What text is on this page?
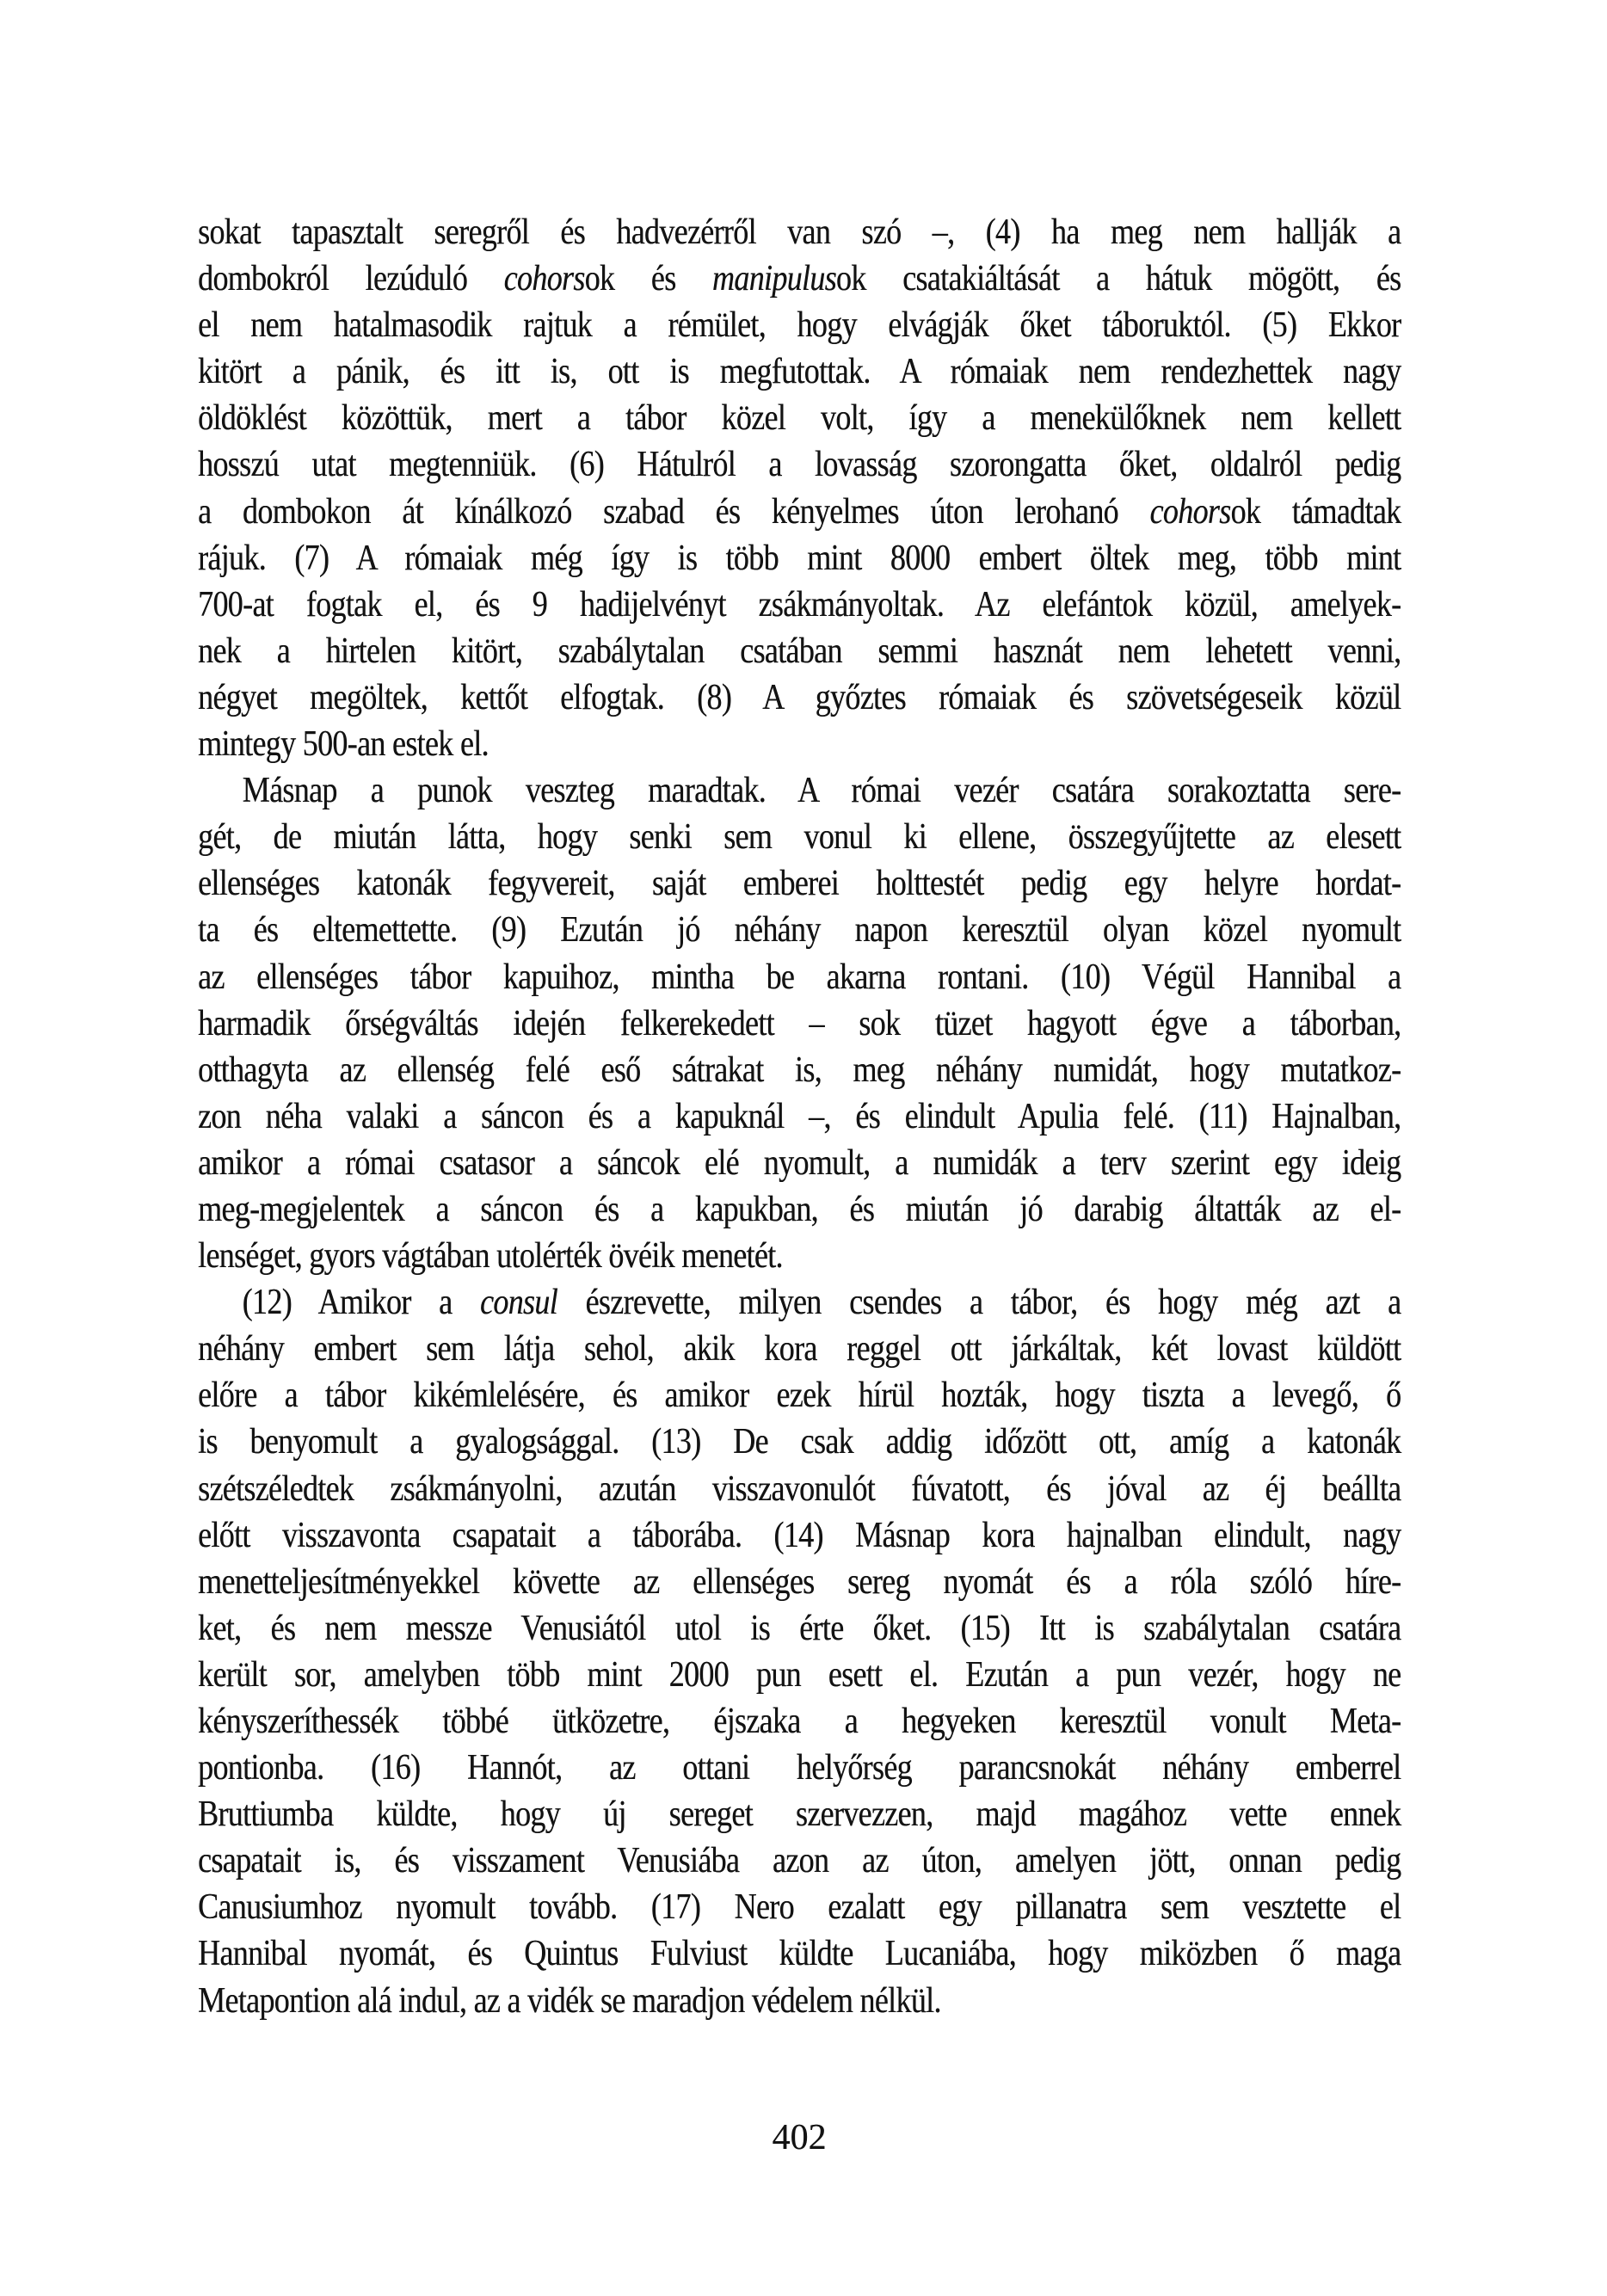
sokat tapasztalt seregről és hadvezérről van szó –, (4) ha meg nem hallják a
dombokról lezúduló cohorsok és manipulusok csatakiáltását a hátuk mögött, és
el nem hatalmasodik rajtuk a rémület, hogy elvágják őket táboruktól. (5) Ekkor
kitört a pánik, és itt is, ott is megfutottak. A rómaiak nem rendezhettek nagy
öldöklést közöttük, mert a tábor közel volt, így a menekülőknek nem kellett
hosszú utat megtenniük. (6) Hátulról a lovasság szorongatta őket, oldalról pedig
a dombokon át kínálkozó szabad és kényelmes úton lerohanó cohorsok támadtak
rájuk. (7) A rómaiak még így is több mint 8000 embert öltek meg, több mint
700-at fogtak el, és 9 hadijelvényt zsákmányoltak. Az elefántok közül, amelyek-
nek a hirtelen kitört, szabálytalan csatában semmi hasznát nem lehetett venni,
négyet megöltek, kettőt elfogtak. (8) A győztes rómaiak és szövetségeseik közül
mintegy 500-an estek el.
Másnap a punok veszteg maradtak. A római vezér csatára sorakoztatta sere-
gét, de miután látta, hogy senki sem vonul ki ellene, összegyűjtette az elesett
ellenséges katonák fegyvereit, saját emberei holttestét pedig egy helyre hordat-
ta és eltemettette. (9) Ezután jó néhány napon keresztül olyan közel nyomult
az ellenséges tábor kapuihoz, mintha be akarna rontani. (10) Végül Hannibal a
harmadik őrségváltás idején felkerekedett – sok tüzet hagyott égve a táborban,
otthagyta az ellenség felé eső sátrakat is, meg néhány numidát, hogy mutatkoz-
zon néha valaki a sáncon és a kapuknál –, és elindult Apulia felé. (11) Hajnalban,
amikor a római csatasor a sáncok elé nyomult, a numidák a terv szerint egy ideig
meg-megjelentek a sáncon és a kapukban, és miután jó darabig áltatták az el-
lenséget, gyors vágtában utolérték övéik menetét.
(12) Amikor a consul észrevette, milyen csendes a tábor, és hogy még azt a
néhány embert sem látja sehol, akik kora reggel ott járkáltak, két lovast küldött
előre a tábor kikémlelésére, és amikor ezek hírül hozták, hogy tiszta a levegő, ő
is benyomult a gyalogsággal. (13) De csak addig időzött ott, amíg a katonák
szétszéledtek zsákmányolni, azután visszavonulót fúvatott, és jóval az éj beállta
előtt visszavonta csapatait a táborába. (14) Másnap kora hajnalban elindult, nagy
menetteljesítményekkel követte az ellenséges sereg nyomát és a róla szóló híre-
ket, és nem messze Venusiától utol is érte őket. (15) Itt is szabálytalan csatára
került sor, amelyben több mint 2000 pun esett el. Ezután a pun vezér, hogy ne
kényszeríthessék többé ütközetre, éjszaka a hegyeken keresztül vonult Meta-
pontionba. (16) Hannót, az ottani helyőrség parancsnokát néhány emberrel
Bruttiumba küldte, hogy új sereget szervezzen, majd magához vette ennek
csapatait is, és visszament Venusiába azon az úton, amelyen jött, onnan pedig
Canusiumhoz nyomult tovább. (17) Nero ezalatt egy pillanatra sem vesztette el
Hannibal nyomát, és Quintus Fulviust küldte Lucaniába, hogy miközben ő maga
Metapontion alá indul, az a vidék se maradjon védelem nélkül.
402
